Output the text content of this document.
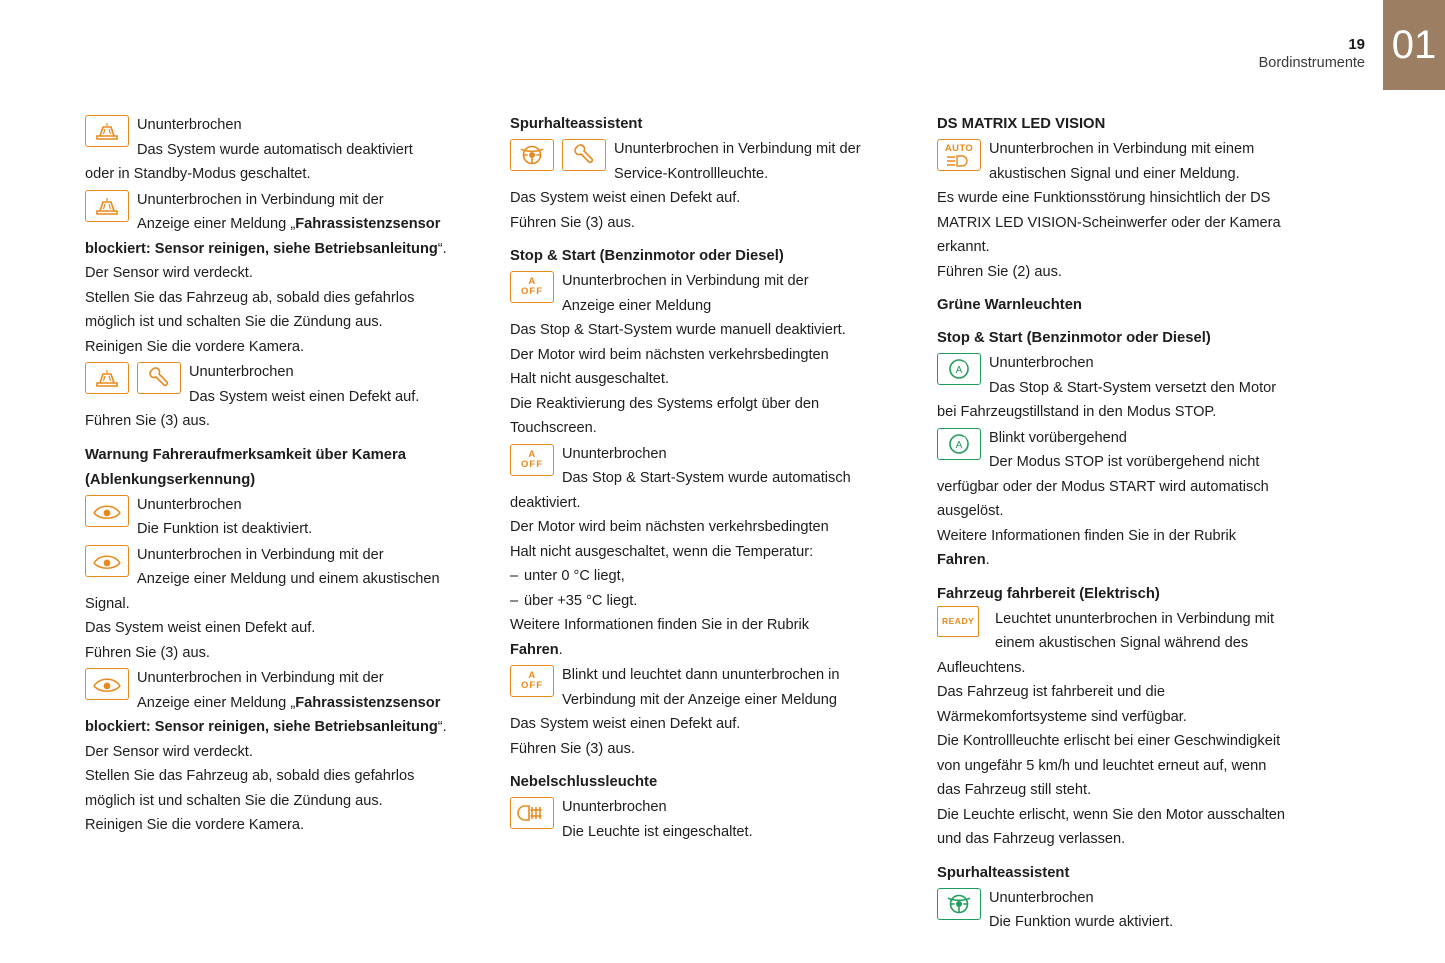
19
Bordinstrumente 01

Ununterbrochen

Das System wurde automatisch deaktiviert

oder in Standby-Modus geschaltet.

Ununterbrochen in Verbindung mit der

Anzeige einer Meldung „Fahrassistenzsensor

blockiert: Sensor reinigen, siehe Betriebsanleitung“.

Der Sensor wird verdeckt.

Stellen Sie das Fahrzeug ab, sobald dies gefahrlos

möglich ist und schalten Sie die Zündung aus.

Reinigen Sie die vordere Kamera.

Ununterbrochen

Das System weist einen Defekt auf.

Führen Sie (3) aus.

Warnung Fahreraufmerksamkeit über Kamera

(Ablenkungserkennung)

Ununterbrochen

Die Funktion ist deaktiviert.

Ununterbrochen in Verbindung mit der

Anzeige einer Meldung und einem akustischen

Signal.

Das System weist einen Defekt auf.

Führen Sie (3) aus.

Ununterbrochen in Verbindung mit der

Anzeige einer Meldung „Fahrassistenzsensor

blockiert: Sensor reinigen, siehe Betriebsanleitung“.

Der Sensor wird verdeckt.

Stellen Sie das Fahrzeug ab, sobald dies gefahrlos

möglich ist und schalten Sie die Zündung aus.

Reinigen Sie die vordere Kamera.

Spurhalteassistent

Ununterbrochen in Verbindung mit der

Service-Kontrollleuchte.

Das System weist einen Defekt auf.

Führen Sie (3) aus.

Stop & Start (Benzinmotor oder Diesel)

A
OFF

Ununterbrochen in Verbindung mit der

Anzeige einer Meldung

Das Stop & Start-System wurde manuell deaktiviert.

Der Motor wird beim nächsten verkehrsbedingten

Halt nicht ausgeschaltet.

Die Reaktivierung des Systems erfolgt über den

Touchscreen.

A
OFF

Ununterbrochen

Das Stop & Start-System wurde automatisch

deaktiviert.

Der Motor wird beim nächsten verkehrsbedingten

Halt nicht ausgeschaltet, wenn die Temperatur:

– unter 0 °C liegt,

– über +35 °C liegt.

Weitere Informationen finden Sie in der Rubrik

Fahren.

A
OFF

Blinkt und leuchtet dann ununterbrochen in

Verbindung mit der Anzeige einer Meldung

Das System weist einen Defekt auf.

Führen Sie (3) aus.

Nebelschlussleuchte

Ununterbrochen

Die Leuchte ist eingeschaltet.

DS MATRIX LED VISION

AUTO Ununterbrochen in Verbindung mit einem

akustischen Signal und einer Meldung.

Es wurde eine Funktionsstörung hinsichtlich der DS

MATRIX LED VISION-Scheinwerfer oder der Kamera

erkannt.

Führen Sie (2) aus.

Grüne Warnleuchten

Stop & Start (Benzinmotor oder Diesel)

A Ununterbrochen

Das Stop & Start-System versetzt den Motor

bei Fahrzeugstillstand in den Modus STOP.

A Blinkt vorübergehend

Der Modus STOP ist vorübergehend nicht

verfügbar oder der Modus START wird automatisch

ausgelöst.

Weitere Informationen finden Sie in der Rubrik

Fahren.

Fahrzeug fahrbereit (Elektrisch)

READY	Leuchtet ununterbrochen in Verbindung mit

einem akustischen Signal während des

Aufleuchtens.

Das Fahrzeug ist fahrbereit und die

Wärmekomfortsysteme sind verfügbar.

Die Kontrollleuchte erlischt bei einer Geschwindigkeit

von ungefähr 5 km/h und leuchtet erneut auf, wenn

das Fahrzeug still steht.

Die Leuchte erlischt, wenn Sie den Motor ausschalten

und das Fahrzeug verlassen.

Spurhalteassistent

Ununterbrochen

Die Funktion wurde aktiviert.
